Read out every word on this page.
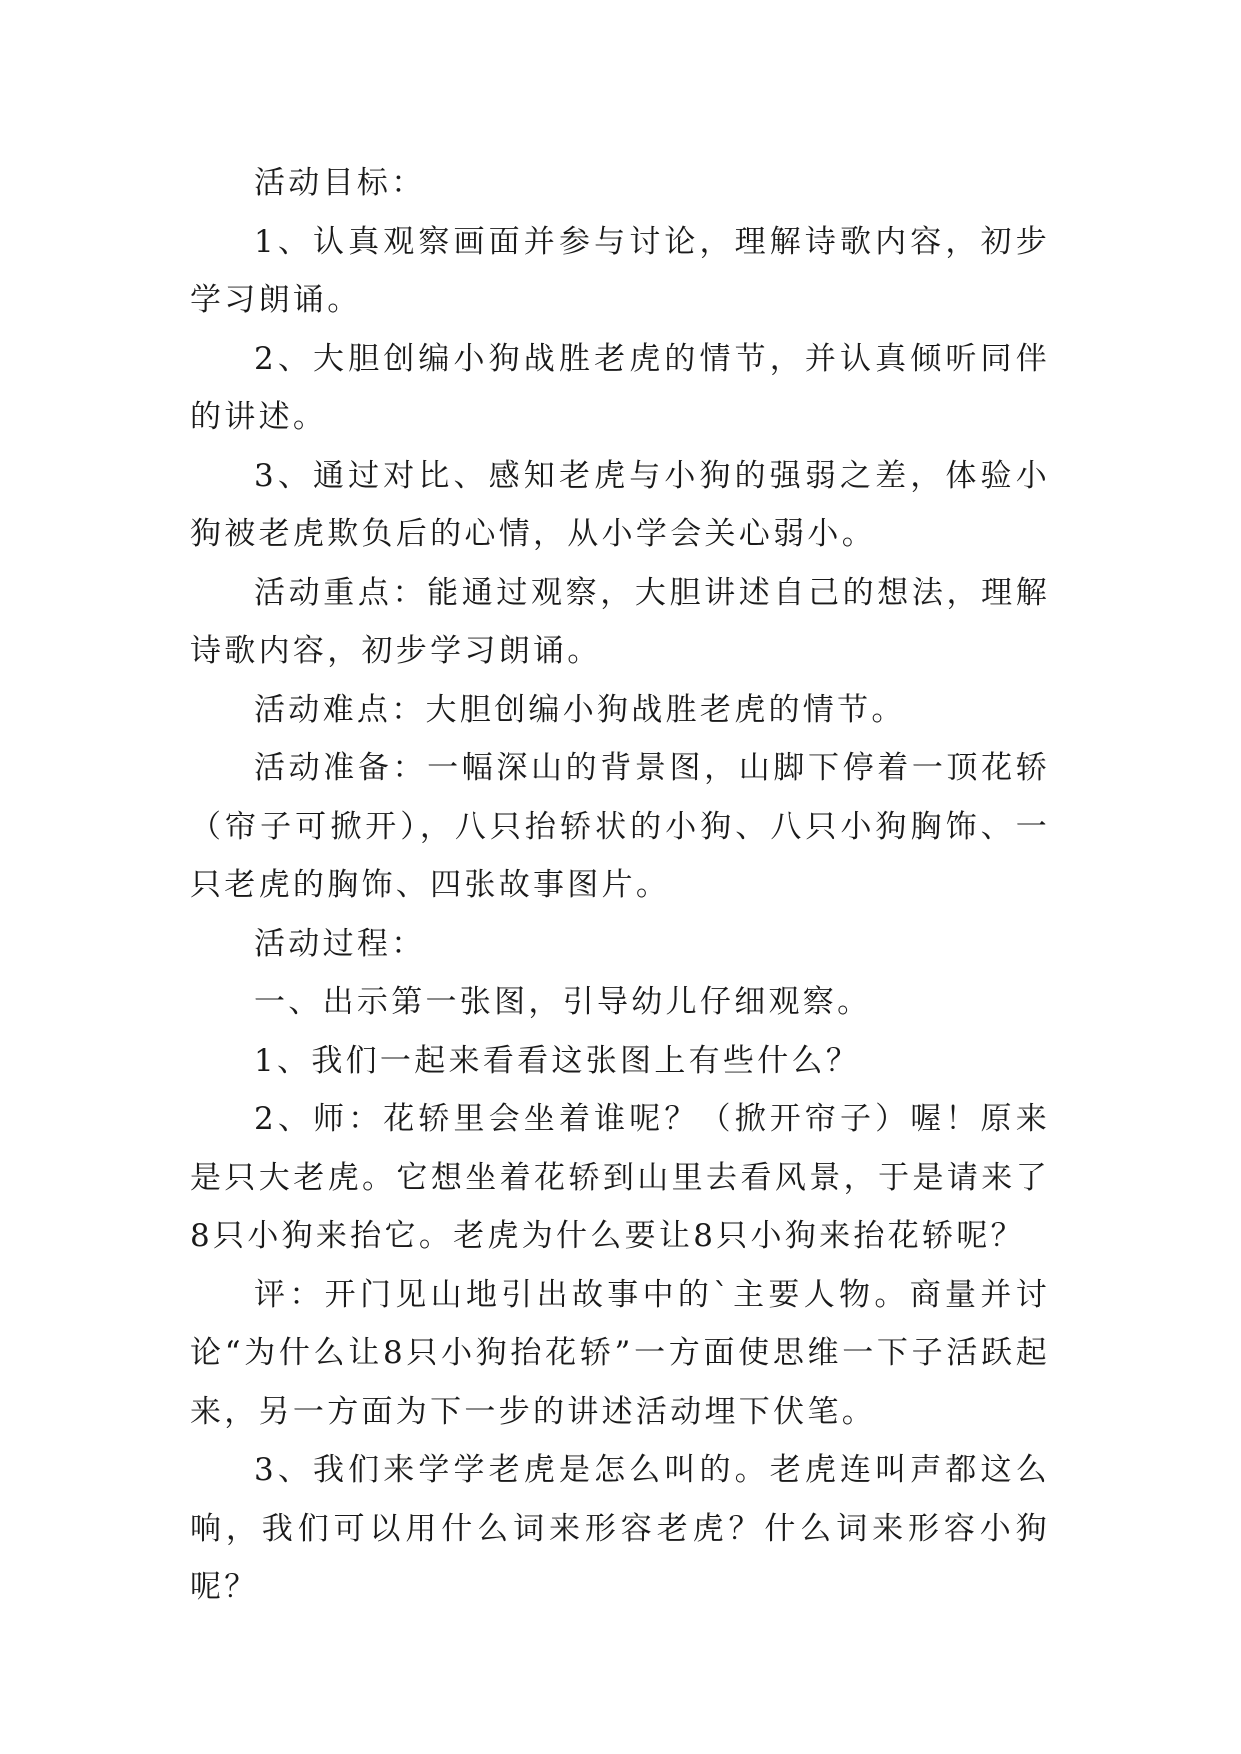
活动目标：

1、认真观察画面并参与讨论，理解诗歌内容，初步学习朗诵。

2、大胆创编小狗战胜老虎的情节，并认真倾听同伴的讲述。

3、通过对比、感知老虎与小狗的强弱之差，体验小狗被老虎欺负后的心情，从小学会关心弱小。

活动重点：能通过观察，大胆讲述自己的想法，理解诗歌内容，初步学习朗诵。

活动难点：大胆创编小狗战胜老虎的情节。

活动准备：一幅深山的背景图，山脚下停着一顶花轿（帘子可掀开），八只抬轿状的小狗、八只小狗胸饰、一只老虎的胸饰、四张故事图片。

活动过程：

一、出示第一张图，引导幼儿仔细观察。

1、我们一起来看看这张图上有些什么？

2、师：花轿里会坐着谁呢？（掀开帘子）喔！原来是只大老虎。它想坐着花轿到山里去看风景，于是请来了8只小狗来抬它。老虎为什么要让8只小狗来抬花轿呢？

评：开门见山地引出故事中的`主要人物。商量并讨论“为什么让8只小狗抬花轿”一方面使思维一下子活跃起来，另一方面为下一步的讲述活动埋下伏笔。

3、我们来学学老虎是怎么叫的。老虎连叫声都这么响，我们可以用什么词来形容老虎？什么词来形容小狗呢？
